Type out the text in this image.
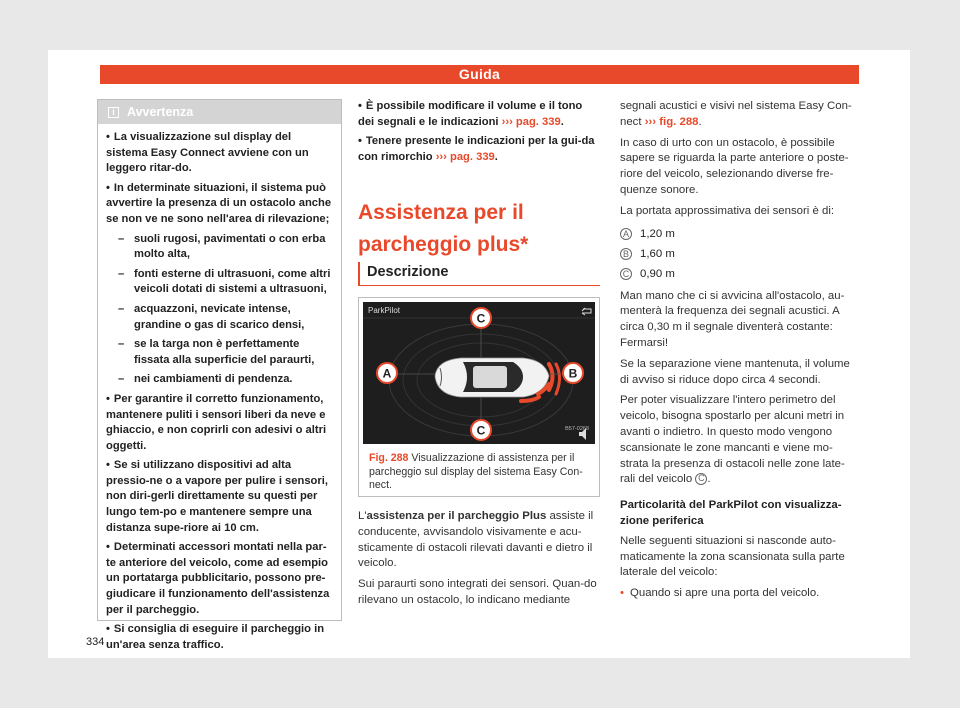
Guida
i Avvertenza

• La visualizzazione sul display del sistema Easy Connect avviene con un leggero ritar-do.

• In determinate situazioni, il sistema può avvertire la presenza di un ostacolo anche se non ve ne sono nell'area di rilevazione;

– suoli rugosi, pavimentati o con erba molto alta,

– fonti esterne di ultrasuoni, come altri veicoli dotati di sistemi a ultrasuoni,

– acquazzoni, nevicate intense, grandine o gas di scarico densi,

– se la targa non è perfettamente fissata alla superficie del paraurti,

– nei cambiamenti di pendenza.

• Per garantire il corretto funzionamento, mantenere puliti i sensori liberi da neve e ghiaccio, e non coprirli con adesivi o altri oggetti.

• Se si utilizzano dispositivi ad alta pressio-ne o a vapore per pulire i sensori, non diri-gerli direttamente su questi per lungo tem-po e mantenere sempre una distanza supe-riore ai 10 cm.

• Determinati accessori montati nella par-te anteriore del veicolo, come ad esempio un portatarga pubblicitario, possono pre-giudicare il funzionamento dell'assistenza per il parcheggio.

• Si consiglia di eseguire il parcheggio in un'area senza traffico.

• È possibile modificare il volume e il tono dei segnali e le indicazioni ››› pag. 339.

• Tenere presente le indicazioni per la gui-da con rimorchio ››› pag. 339.

Assistenza per il parcheggio plus*
Descrizione
ParkPilot
C
A	B
C	B57-0268
Fig. 288 Visualizzazione di assistenza per il parcheggio sul display del sistema Easy Con-nect.

L'assistenza per il parcheggio Plus assiste il conducente, avvisandolo visivamente e acu-sticamente di ostacoli rilevati davanti e dietro il veicolo.

Sui paraurti sono integrati dei sensori. Quan-do rilevano un ostacolo, lo indicano mediante

segnali acustici e visivi nel sistema Easy Con-nect ››› fig. 288.

In caso di urto con un ostacolo, è possibile sapere se riguarda la parte anteriore o poste-riore del veicolo, selezionando diverse fre-quenze sonore.

La portata approssimativa dei sensori è di:

A 1,20 m
B 1,60 m
C 0,90 m

Man mano che ci si avvicina all'ostacolo, au-menterà la frequenza dei segnali acustici. A circa 0,30 m il segnale diventerà costante: Fermarsi!

Se la separazione viene mantenuta, il volume di avviso si riduce dopo circa 4 secondi.

Per poter visualizzare l'intero perimetro del veicolo, bisogna spostarlo per alcuni metri in avanti o indietro. In questo modo vengono scansionate le zone mancanti e viene mo-strata la presenza di ostacoli nelle zone late-rali del veicolo C .

Particolarità del ParkPilot con visualizza-zione periferica

Nelle seguenti situazioni si nasconde auto-maticamente la zona scansionata sulla parte laterale del veicolo:

• Quando si apre una porta del veicolo.

334
